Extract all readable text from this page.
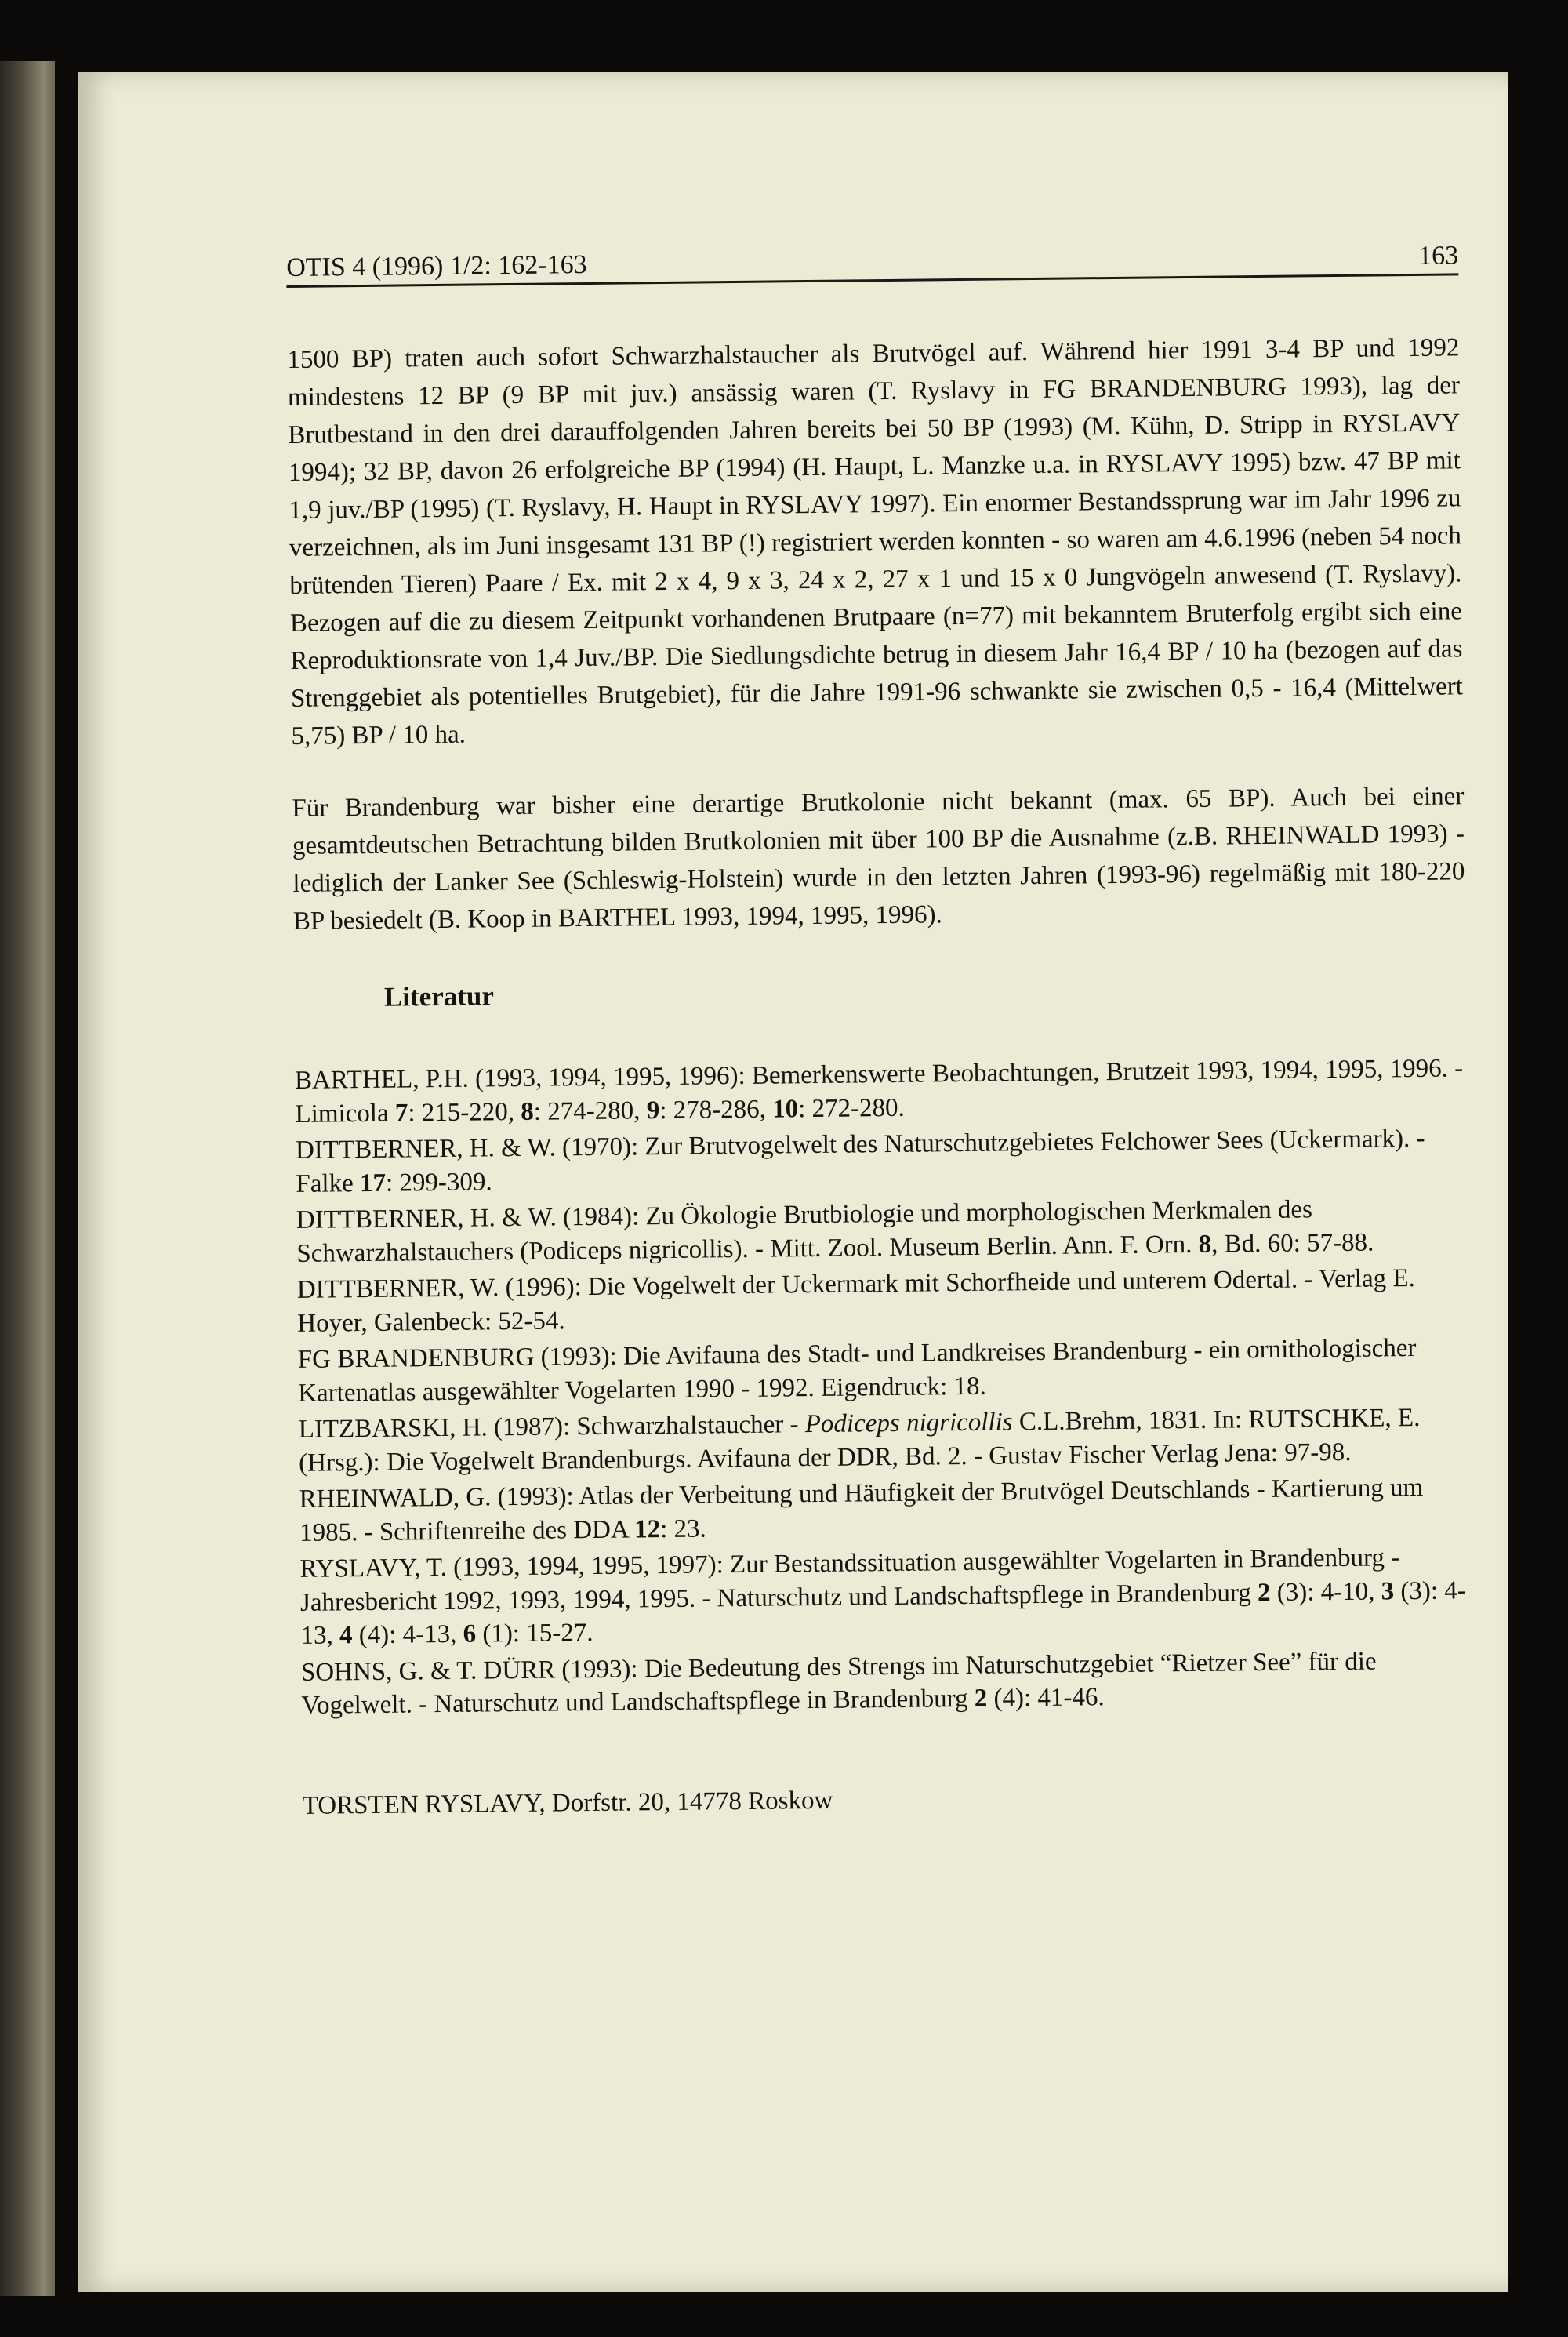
OTIS 4 (1996) 1/2: 162-163	163

1500 BP) traten auch sofort Schwarzhalstaucher als Brutvögel auf. Während hier 1991 3-4 BP und 1992 mindestens 12 BP (9 BP mit juv.) ansässig waren (T. Ryslavy in FG BRANDENBURG 1993), lag der Brutbestand in den drei darauffolgenden Jahren bereits bei 50 BP (1993) (M. Kühn, D. Stripp in RYSLAVY 1994); 32 BP, davon 26 erfolgreiche BP (1994) (H. Haupt, L. Manzke u.a. in RYSLAVY 1995) bzw. 47 BP mit 1,9 juv./BP (1995) (T. Ryslavy, H. Haupt in RYSLAVY 1997). Ein enormer Bestandssprung war im Jahr 1996 zu verzeichnen, als im Juni insgesamt 131 BP (!) registriert werden konnten - so waren am 4.6.1996 (neben 54 noch brütenden Tieren) Paare / Ex. mit 2 x 4, 9 x 3, 24 x 2, 27 x 1 und 15 x 0 Jungvögeln anwesend (T. Ryslavy). Bezogen auf die zu diesem Zeitpunkt vorhandenen Brutpaare (n=77) mit bekanntem Bruterfolg ergibt sich eine Reproduktionsrate von 1,4 Juv./BP. Die Siedlungsdichte betrug in diesem Jahr 16,4 BP / 10 ha (bezogen auf das Strenggebiet als potentielles Brutgebiet), für die Jahre 1991-96 schwankte sie zwischen 0,5 - 16,4 (Mittelwert 5,75) BP / 10 ha.

Für Brandenburg war bisher eine derartige Brutkolonie nicht bekannt (max. 65 BP). Auch bei einer gesamtdeutschen Betrachtung bilden Brutkolonien mit über 100 BP die Ausnahme (z.B. RHEINWALD 1993) - lediglich der Lanker See (Schleswig-Holstein) wurde in den letzten Jahren (1993-96) regelmäßig mit 180-220 BP besiedelt (B. Koop in BARTHEL 1993, 1994, 1995, 1996).

Literatur

BARTHEL, P.H. (1993, 1994, 1995, 1996): Bemerkenswerte Beobachtungen, Brutzeit 1993, 1994, 1995, 1996. - Limicola 7: 215-220, 8: 274-280, 9: 278-286, 10: 272-280.

DITTBERNER, H. & W. (1970): Zur Brutvogelwelt des Naturschutzgebietes Felchower Sees (Uckermark). - Falke 17: 299-309.

DITTBERNER, H. & W. (1984): Zu Ökologie Brutbiologie und morphologischen Merkmalen des Schwarzhalstauchers (Podiceps nigricollis). - Mitt. Zool. Museum Berlin. Ann. F. Orn. 8, Bd. 60: 57-88.

DITTBERNER, W. (1996): Die Vogelwelt der Uckermark mit Schorfheide und unterem Odertal. - Verlag E. Hoyer, Galenbeck: 52-54.

FG BRANDENBURG (1993): Die Avifauna des Stadt- und Landkreises Brandenburg - ein ornithologischer Kartenatlas ausgewählter Vogelarten 1990 - 1992. Eigendruck: 18.

LITZBARSKI, H. (1987): Schwarzhalstaucher - Podiceps nigricollis C.L.Brehm, 1831. In: RUTSCHKE, E. (Hrsg.): Die Vogelwelt Brandenburgs. Avifauna der DDR, Bd. 2. - Gustav Fischer Verlag Jena: 97-98.

RHEINWALD, G. (1993): Atlas der Verbeitung und Häufigkeit der Brutvögel Deutschlands - Kartierung um 1985. - Schriftenreihe des DDA 12: 23.

RYSLAVY, T. (1993, 1994, 1995, 1997): Zur Bestandssituation ausgewählter Vogelarten in Brandenburg - Jahresbericht 1992, 1993, 1994, 1995. - Naturschutz und Landschaftspflege in Brandenburg 2 (3): 4-10, 3 (3): 4-13, 4 (4): 4-13, 6 (1): 15-27.

SOHNS, G. & T. DÜRR (1993): Die Bedeutung des Strengs im Naturschutzgebiet “Rietzer See” für die Vogelwelt. - Naturschutz und Landschaftspflege in Brandenburg 2 (4): 41-46.

TORSTEN RYSLAVY, Dorfstr. 20, 14778 Roskow
